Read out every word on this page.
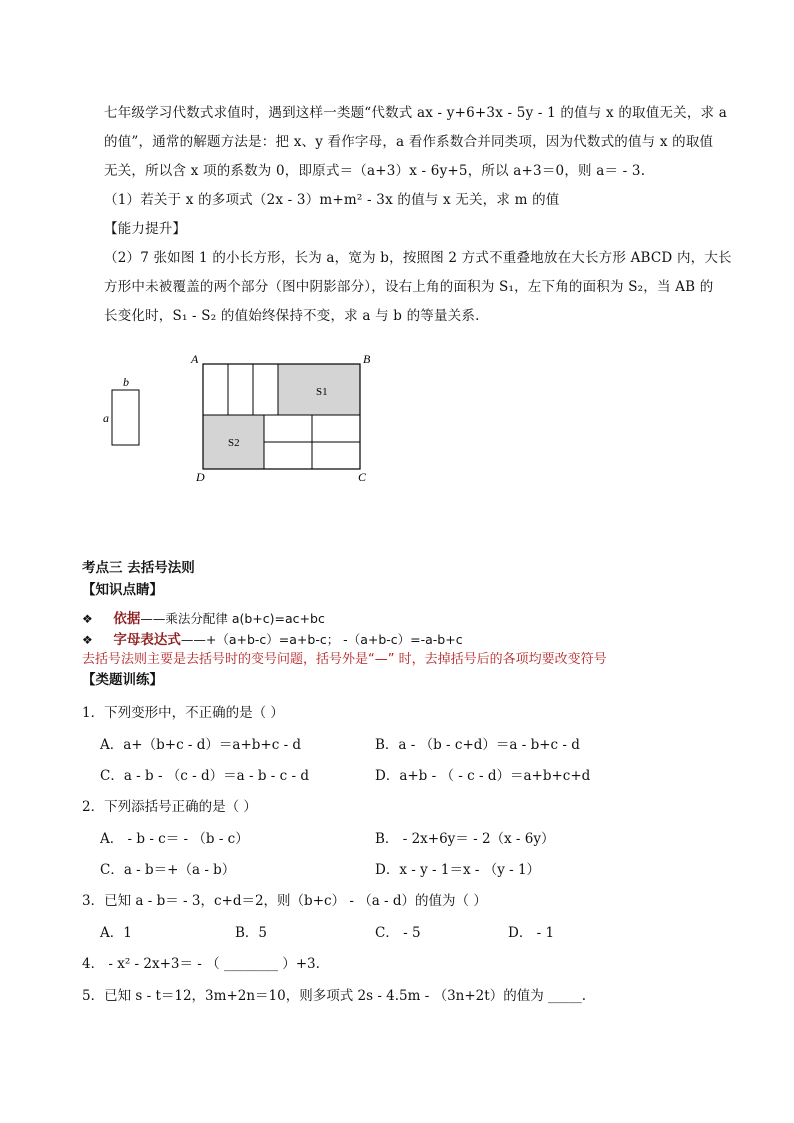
七年级学习代数式求值时，遇到这样一类题“代数式 ax - y+6+3x - 5y - 1 的值与 x 的取值无关，求 a
的值”，通常的解题方法是：把 x、y 看作字母，a 看作系数合并同类项，因为代数式的值与 x 的取值
无关，所以含 x 项的系数为 0，即原式＝（a+3）x - 6y+5，所以 a+3＝0，则 a＝ - 3.
（1）若关于 x 的多项式（2x - 3）m+m² - 3x 的值与 x 无关，求 m 的值
【能力提升】
（2）7 张如图 1 的小长方形，长为 a，宽为 b，按照图 2 方式不重叠地放在大长方形 ABCD 内，大长
方形中未被覆盖的两个部分（图中阴影部分），设右上角的面积为 S₁，左下角的面积为 S₂，当 AB 的
长变化时，S₁ - S₂ 的值始终保持不变，求 a 与 b 的等量关系.
b
a
A	B
C
D
S1
S2
考点三 去括号法则
【知识点睛】
❖ 依据——乘法分配律 a(b+c)=ac+bc
❖ 字母表达式——+（a+b-c）=a+b-c； -（a+b-c）=-a-b+c
去括号法则主要是去括号时的变号问题，括号外是“—” 时，去掉括号后的各项均要改变符号
【类题训练】
1．下列变形中，不正确的是（ ）
A．a+（b+c - d）＝a+b+c - d	B．a - （b - c+d）＝a - b+c - d
C．a - b - （c - d）＝a - b - c - d	D．a+b - （ - c - d）＝a+b+c+d
2．下列添括号正确的是（ ）
A． - b - c＝ - （b - c）	B． - 2x+6y＝ - 2（x - 6y）
C．a - b＝+（a - b）	D．x - y - 1＝x - （y - 1）
3．已知 a - b＝ - 3，c+d＝2，则（b+c） - （a - d）的值为（ ）
A．1	B．5	C． - 5	D． - 1
4． - x² - 2x+3＝ - （ ________ ）+3.
5．已知 s - t＝12，3m+2n＝10，则多项式 2s - 4.5m - （3n+2t）的值为 _____.
